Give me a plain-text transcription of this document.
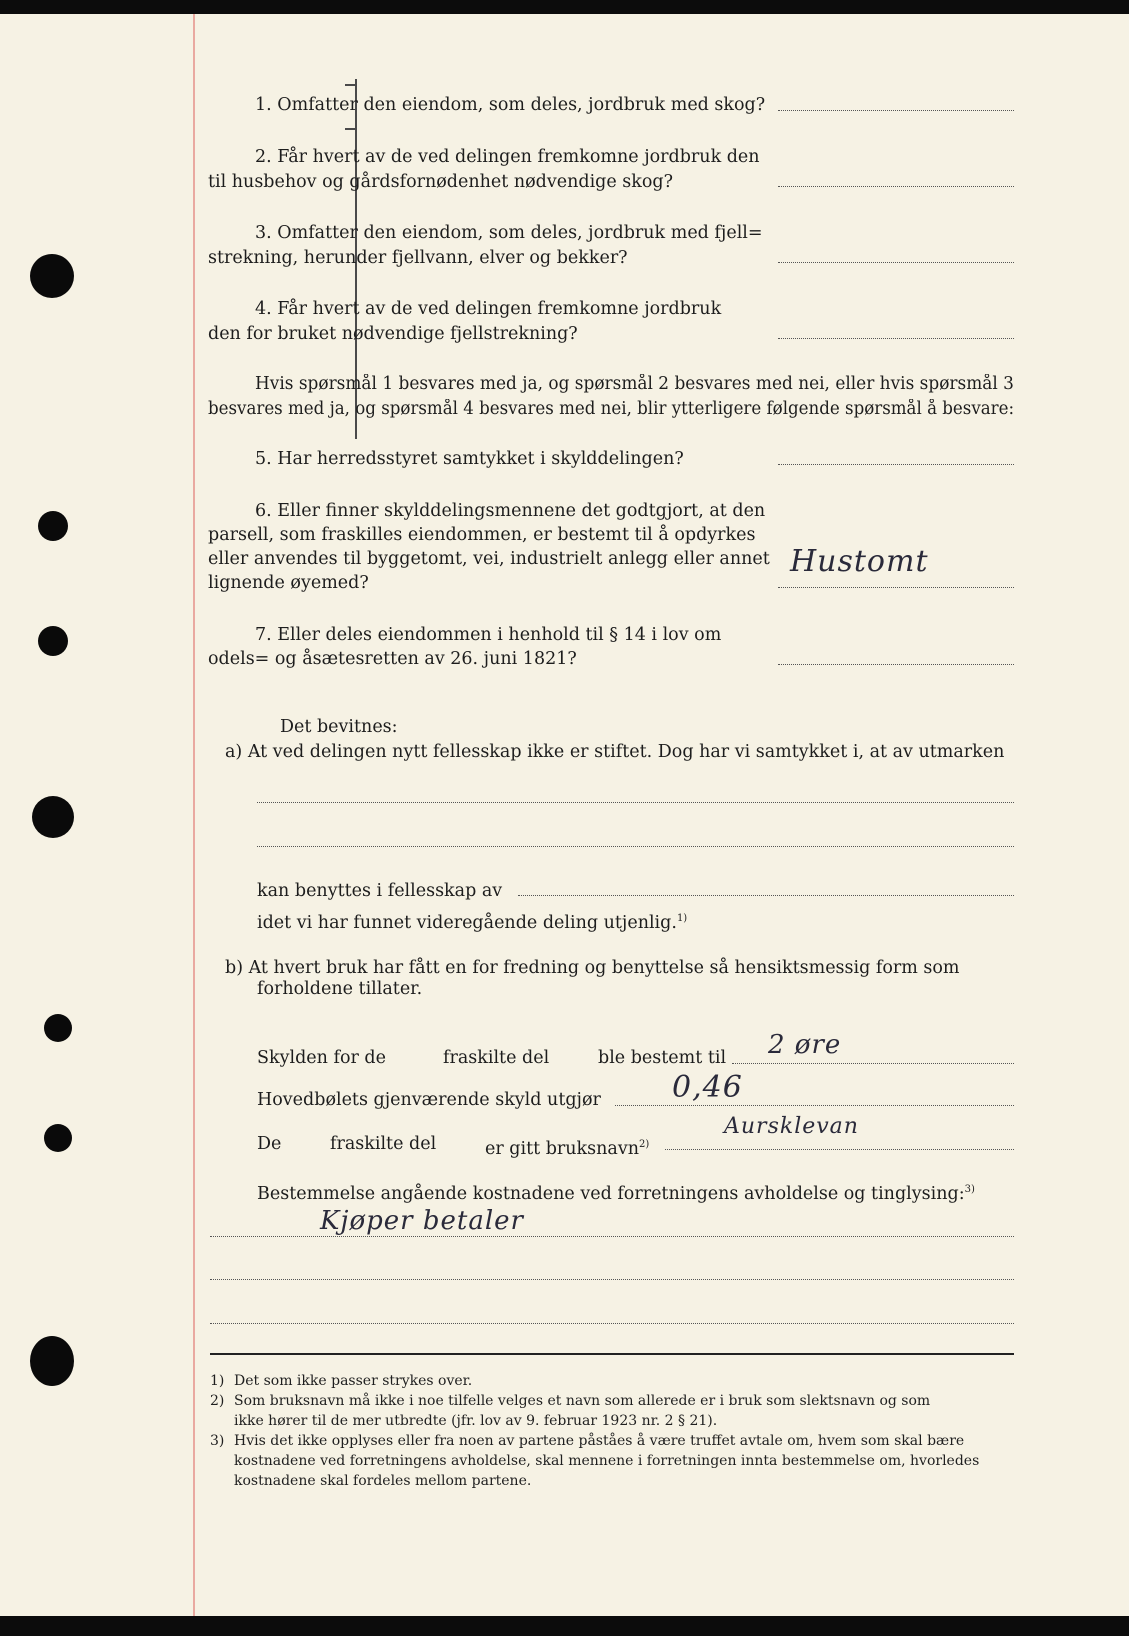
1. Omfatter den eiendom, som deles, jordbruk med skog?
2. Får hvert av de ved delingen fremkomne jordbruk den
til husbehov og gårdsfornødenhet nødvendige skog?
3. Omfatter den eiendom, som deles, jordbruk med fjell=
strekning, herunder fjellvann, elver og bekker?
4. Får hvert av de ved delingen fremkomne jordbruk
den for bruket nødvendige fjellstrekning?
Hvis spørsmål 1 besvares med ja, og spørsmål 2 besvares med nei, eller hvis spørsmål 3
besvares med ja, og spørsmål 4 besvares med nei, blir ytterligere følgende spørsmål å besvare:
5. Har herredsstyret samtykket i skylddelingen?
6. Eller finner skylddelingsmennene det godtgjort, at den
parsell, som fraskilles eiendommen, er bestemt til å opdyrkes
eller anvendes til byggetomt, vei, industrielt anlegg eller annet
lignende øyemed?
Hustomt
7. Eller deles eiendommen i henhold til § 14 i lov om
odels= og åsætesretten av 26. juni 1821?
Det bevitnes:
a) At ved delingen nytt fellesskap ikke er stiftet. Dog har vi samtykket i, at av utmarken
kan benyttes i fellesskap av
idet vi har funnet videregående deling utjenlig.$^{1)}$
b) At hvert bruk har fått en for fredning og benyttelse så hensiktsmessig form som
forholdene tillater.
Skylden for de	fraskilte del	ble bestemt til 2 øre
Hovedbølets gjenværende skyld utgjør 0,46
De	fraskilte del	er gitt bruksnavn$^{2)}$
Aursklevan
Bestemmelse angående kostnadene ved forretningens avholdelse og tinglysing:$^{3)}$
Kjøper betaler
1) Det som ikke passer strykes over.
2) Som bruksnavn må ikke i noe tilfelle velges et navn som allerede er i bruk som slektsnavn og som
ikke hører til de mer utbredte (jfr. lov av 9. februar 1923 nr. 2 § 21).
3) Hvis det ikke opplyses eller fra noen av partene påståes å være truffet avtale om, hvem som skal bære
kostnadene ved forretningens avholdelse, skal mennene i forretningen innta bestemmelse om, hvorledes
kostnadene skal fordeles mellom partene.
